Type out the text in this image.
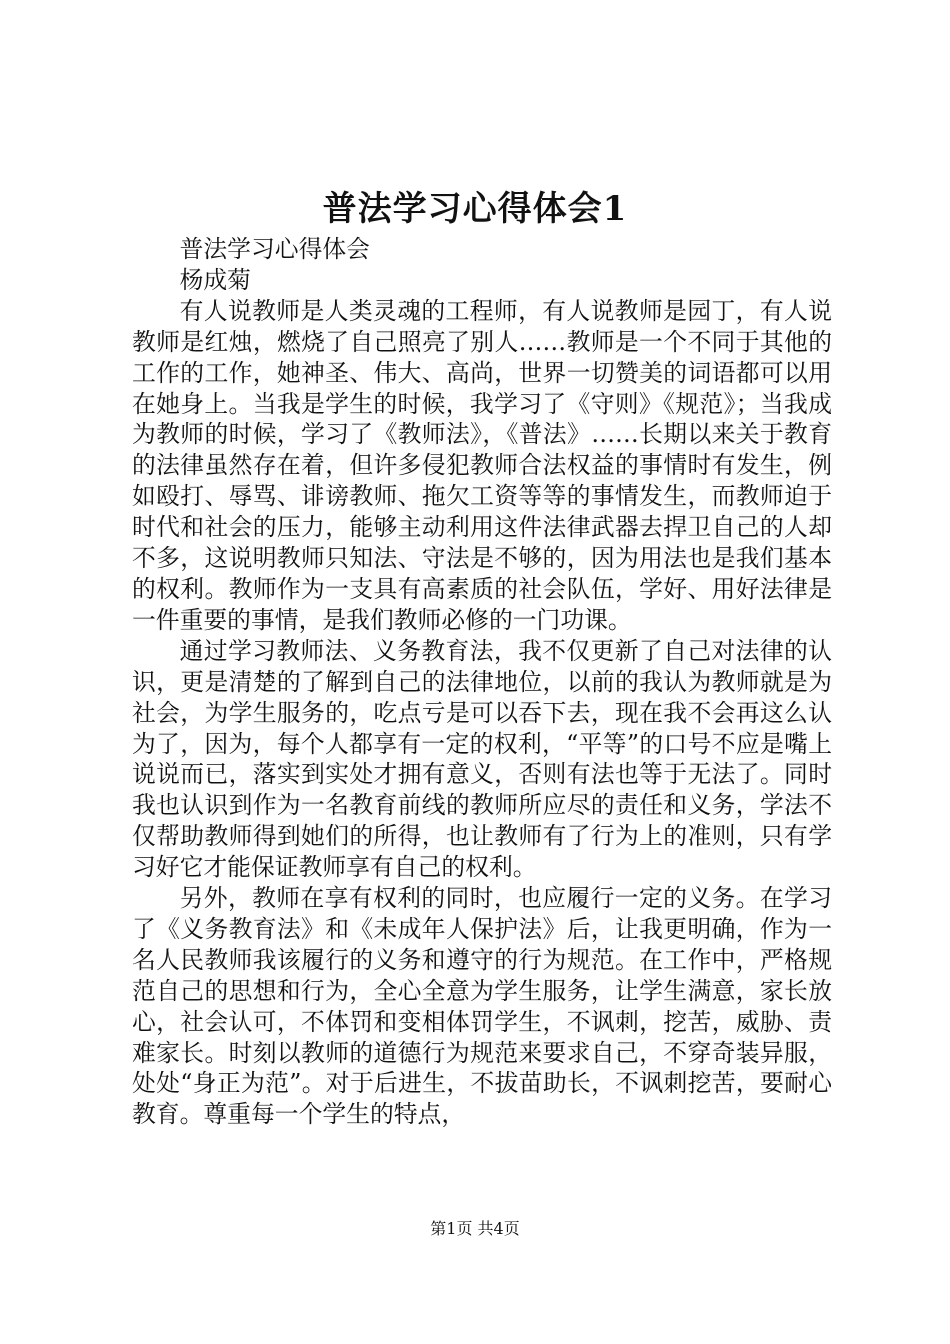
普法学习心得体会1

普法学习心得体会

杨成菊

有人说教师是人类灵魂的工程师，有人说教师是园丁，有人说教师是红烛，燃烧了自己照亮了别人……教师是一个不同于其他的工作的工作，她神圣、伟大、高尚，世界一切赞美的词语都可以用在她身上。当我是学生的时候，我学习了《守则》《规范》；当我成为教师的时候，学习了《教师法》，《普法》……长期以来关于教育的法律虽然存在着，但许多侵犯教师合法权益的事情时有发生，例如殴打、辱骂、诽谤教师、拖欠工资等等的事情发生，而教师迫于时代和社会的压力，能够主动利用这件法律武器去捍卫自己的人却不多，这说明教师只知法、守法是不够的，因为用法也是我们基本的权利。教师作为一支具有高素质的社会队伍，学好、用好法律是一件重要的事情，是我们教师必修的一门功课。

通过学习教师法、义务教育法，我不仅更新了自己对法律的认识，更是清楚的了解到自己的法律地位，以前的我认为教师就是为社会，为学生服务的，吃点亏是可以吞下去，现在我不会再这么认为了，因为，每个人都享有一定的权利，“平等”的口号不应是嘴上说说而已，落实到实处才拥有意义，否则有法也等于无法了。同时我也认识到作为一名教育前线的教师所应尽的责任和义务，学法不仅帮助教师得到她们的所得，也让教师有了行为上的准则，只有学习好它才能保证教师享有自己的权利。

另外，教师在享有权利的同时，也应履行一定的义务。在学习了《义务教育法》和《未成年人保护法》后，让我更明确，作为一名人民教师我该履行的义务和遵守的行为规范。在工作中，严格规范自己的思想和行为，全心全意为学生服务，让学生满意，家长放心，社会认可，不体罚和变相体罚学生，不讽刺，挖苦，威胁、责难家长。时刻以教师的道德行为规范来要求自己，不穿奇装异服，处处“身正为范”。对于后进生，不拔苗助长，不讽刺挖苦，要耐心教育。尊重每一个学生的特点，

第1页 共4页
